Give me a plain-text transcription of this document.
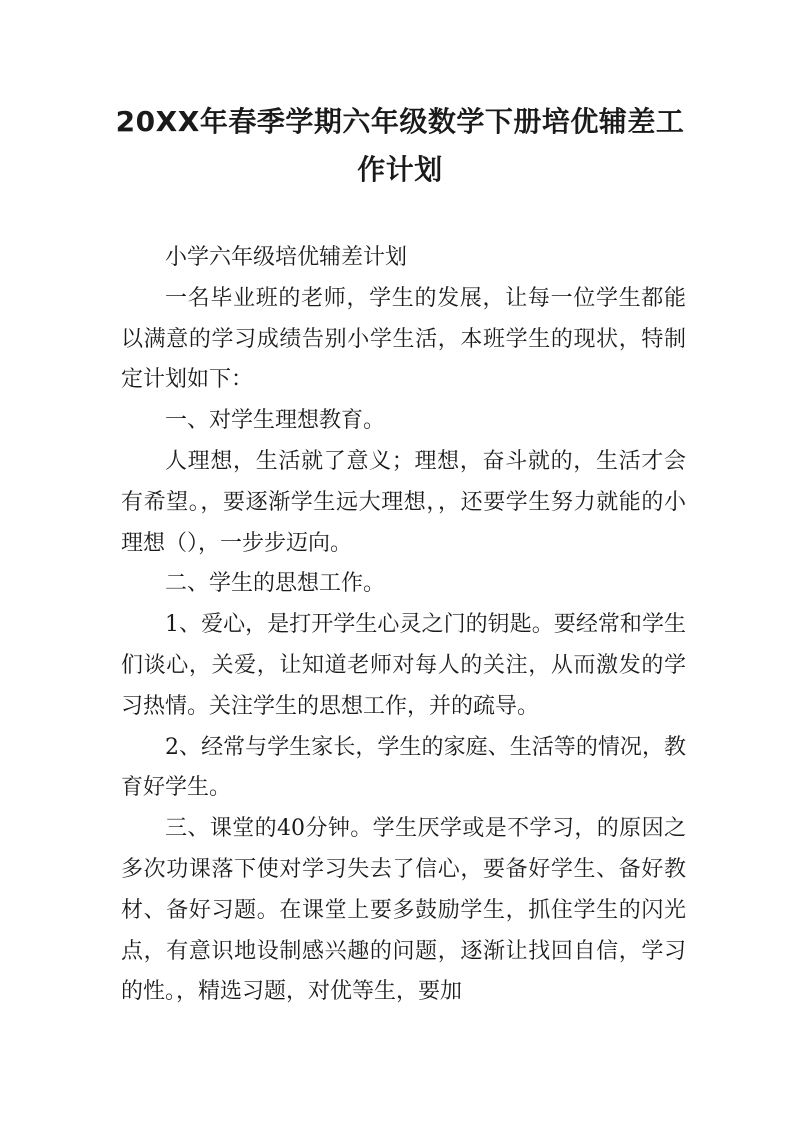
20XX年春季学期六年级数学下册培优辅差工作计划

小学六年级培优辅差计划

一名毕业班的老师，学生的发展，让每一位学生都能以满意的学习成绩告别小学生活，本班学生的现状，特制定计划如下：

一、对学生理想教育。

人理想，生活就了意义；理想，奋斗就的，生活才会有希望。，要逐渐学生远大理想，，还要学生努力就能的小理想（），一步步迈向。

二、学生的思想工作。

1、爱心，是打开学生心灵之门的钥匙。要经常和学生们谈心，关爱，让知道老师对每人的关注，从而激发的学习热情。关注学生的思想工作，并的疏导。

2、经常与学生家长，学生的家庭、生活等的情况，教育好学生。

三、课堂的40分钟。学生厌学或是不学习，的原因之多次功课落下使对学习失去了信心，要备好学生、备好教材、备好习题。在课堂上要多鼓励学生，抓住学生的闪光点，有意识地设制感兴趣的问题，逐渐让找回自信，学习的性。，精选习题，对优等生，要加
